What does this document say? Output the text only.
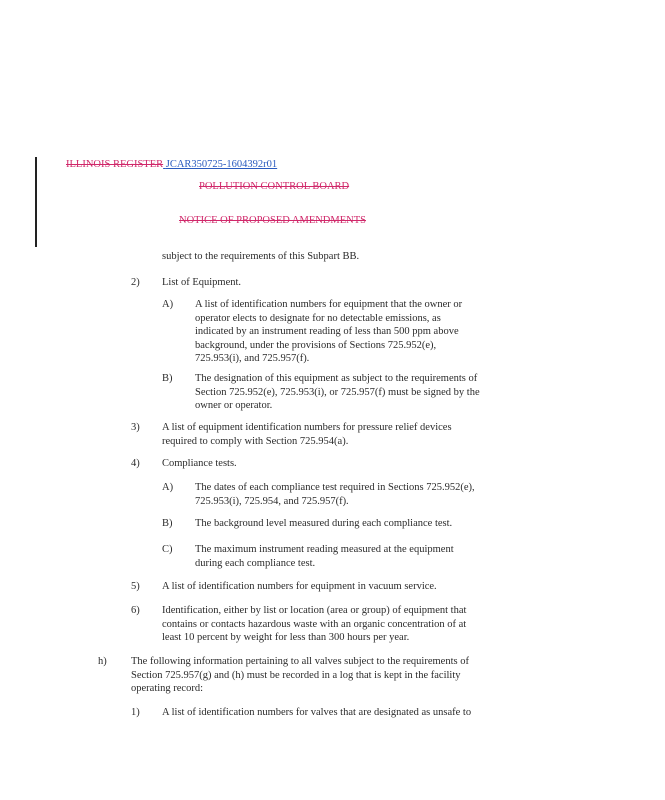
ILLINOIS REGISTER JCAR350725-1604392r01
POLLUTION CONTROL BOARD
NOTICE OF PROPOSED AMENDMENTS
subject to the requirements of this Subpart BB.
2) List of Equipment.
A) A list of identification numbers for equipment that the owner or operator elects to designate for no detectable emissions, as indicated by an instrument reading of less than 500 ppm above background, under the provisions of Sections 725.952(e), 725.953(i), and 725.957(f).
B) The designation of this equipment as subject to the requirements of Section 725.952(e), 725.953(i), or 725.957(f) must be signed by the owner or operator.
3) A list of equipment identification numbers for pressure relief devices required to comply with Section 725.954(a).
4) Compliance tests.
A) The dates of each compliance test required in Sections 725.952(e), 725.953(i), 725.954, and 725.957(f).
B) The background level measured during each compliance test.
C) The maximum instrument reading measured at the equipment during each compliance test.
5) A list of identification numbers for equipment in vacuum service.
6) Identification, either by list or location (area or group) of equipment that contains or contacts hazardous waste with an organic concentration of at least 10 percent by weight for less than 300 hours per year.
h) The following information pertaining to all valves subject to the requirements of Section 725.957(g) and (h) must be recorded in a log that is kept in the facility operating record:
1) A list of identification numbers for valves that are designated as unsafe to
